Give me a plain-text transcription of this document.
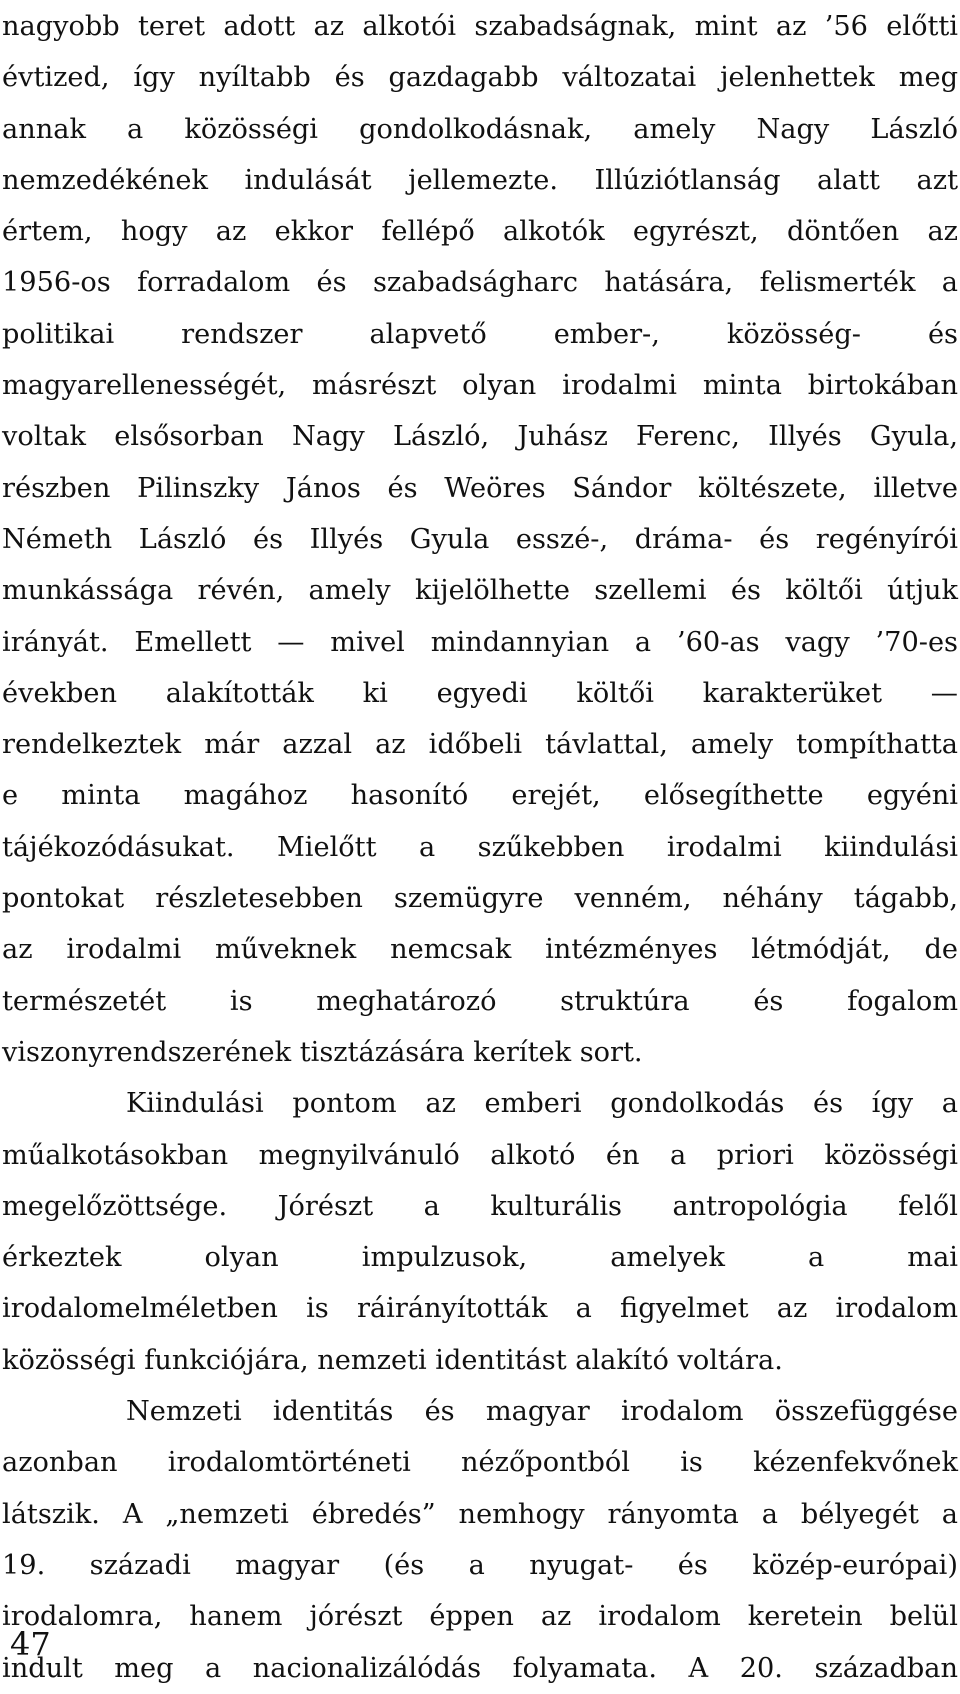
nagyobb teret adott az alkotói szabadságnak, mint az ’56 előtti
évtized, így nyíltabb és gazdagabb változatai jelenhettek meg
annak a közösségi gondolkodásnak, amely Nagy László
nemzedékének indulását jellemezte. Illúziótlanság alatt azt
értem, hogy az ekkor fellépő alkotók egyrészt, döntően az
1956-os forradalom és szabadságharc hatására, felismerték a
politikai rendszer alapvető ember-, közösség- és
magyarellenességét, másrészt olyan irodalmi minta birtokában
voltak elsősorban Nagy László, Juhász Ferenc, Illyés Gyula,
részben Pilinszky János és Weöres Sándor költészete, illetve
Németh László és Illyés Gyula esszé-, dráma- és regényírói
munkássága révén, amely kijelölhette szellemi és költői útjuk
irányát. Emellett — mivel mindannyian a ’60-as vagy ’70-es
években alakították ki egyedi költői karakterüket —
rendelkeztek már azzal az időbeli távlattal, amely tompíthatta
e minta magához hasonító erejét, elősegíthette egyéni
tájékozódásukat. Mielőtt a szűkebben irodalmi kiindulási
pontokat részletesebben szemügyre venném, néhány tágabb,
az irodalmi műveknek nemcsak intézményes létmódját, de
természetét is meghatározó struktúra és fogalom
viszonyrendszerének tisztázására kerítek sort.
Kiindulási pontom az emberi gondolkodás és így a
műalkotásokban megnyilvánuló alkotó én a priori közösségi
megelőzöttsége. Jórészt a kulturális antropológia felől
érkeztek olyan impulzusok, amelyek a mai
irodalomelméletben is ráirányították a figyelmet az irodalom
közösségi funkciójára, nemzeti identitást alakító voltára.
Nemzeti identitás és magyar irodalom összefüggése
azonban irodalomtörténeti nézőpontból is kézenfekvőnek
látszik. A „nemzeti ébredés” nemhogy rányomta a bélyegét a
19. századi magyar (és a nyugat- és közép-európai)
irodalomra, hanem jórészt éppen az irodalom keretein belül
indult meg a nacionalizálódás folyamata. A 20. században
47
